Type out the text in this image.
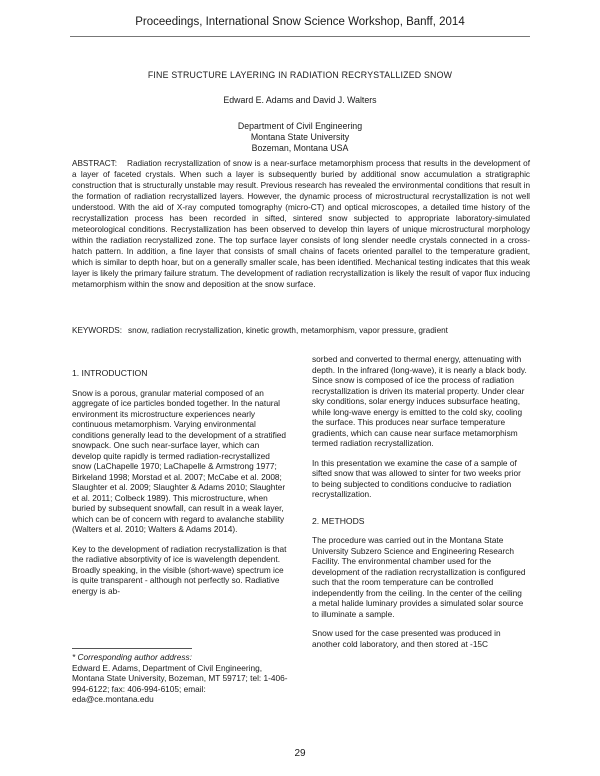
Proceedings, International Snow Science Workshop, Banff, 2014
FINE STRUCTURE LAYERING IN RADIATION RECRYSTALLIZED SNOW
Edward E. Adams and David J. Walters
Department of Civil Engineering
Montana State University
Bozeman, Montana USA
ABSTRACT: Radiation recrystallization of snow is a near-surface metamorphism process that results in the development of a layer of faceted crystals. When such a layer is subsequently buried by additional snow accumulation a stratigraphic construction that is structurally unstable may result. Previous research has revealed the environmental conditions that result in the formation of radiation recrystallized layers. However, the dynamic process of microstructural recrystallization is not well understood. With the aid of X-ray computed tomography (micro-CT) and optical microscopes, a detailed time history of the recrystallization process has been recorded in sifted, sintered snow subjected to appropriate laboratory-simulated meteorological conditions. Recrystallization has been observed to develop thin layers of unique microstructural morphology within the radiation recrystallized zone. The top surface layer consists of long slender needle crystals connected in a cross-hatch pattern. In addition, a fine layer that consists of small chains of facets oriented parallel to the temperature gradient, which is similar to depth hoar, but on a generally smaller scale, has been identified. Mechanical testing indicates that this weak layer is likely the primary failure stratum. The development of radiation recrystallization is likely the result of vapor flux inducing metamorphism within the snow and deposition at the snow surface.
KEYWORDS: snow, radiation recrystallization, kinetic growth, metamorphism, vapor pressure, gradient
1. INTRODUCTION

Snow is a porous, granular material composed of an aggregate of ice particles bonded together. In the natural environment its microstructure experiences nearly continuous metamorphism. Varying environmental conditions generally lead to the development of a stratified snowpack. One such near-surface layer, which can develop quite rapidly is termed radiation-recrystallized snow (LaChapelle 1970; LaChapelle & Armstrong 1977; Birkeland 1998; Morstad et al. 2007; McCabe et al. 2008; Slaughter et al. 2009; Slaughter & Adams 2010; Slaughter et al. 2011; Colbeck 1989). This microstructure, when buried by subsequent snowfall, can result in a weak layer, which can be of concern with regard to avalanche stability (Walters et al. 2010; Walters & Adams 2014).

Key to the development of radiation recrystallization is that the radiative absorptivity of ice is wavelength dependent. Broadly speaking, in the visible (short-wave) spectrum ice is quite transparent - although not perfectly so. Radiative energy is ab-

* Corresponding author address:
Edward E. Adams, Department of Civil Engineering, Montana State University, Bozeman, MT 59717; tel: 1-406-994-6122; fax: 406-994-6105; email: eda@ce.montana.edu

sorbed and converted to thermal energy, attenuating with depth. In the infrared (long-wave), it is nearly a black body. Since snow is composed of ice the process of radiation recrystallization is driven its material property. Under clear sky conditions, solar energy induces subsurface heating, while long-wave energy is emitted to the cold sky, cooling the surface. This produces near surface temperature gradients, which can cause near surface metamorphism termed radiation recrystallization.

In this presentation we examine the case of a sample of sifted snow that was allowed to sinter for two weeks prior to being subjected to conditions conducive to radiation recrystallization.

2. METHODS

The procedure was carried out in the Montana State University Subzero Science and Engineering Research Facility. The environmental chamber used for the development of the radiation recrystallization is configured such that the room temperature can be controlled independently from the ceiling. In the center of the ceiling a metal halide luminary provides a simulated solar source to illuminate a sample.

Snow used for the case presented was produced in another cold laboratory, and then stored at -15C

29
